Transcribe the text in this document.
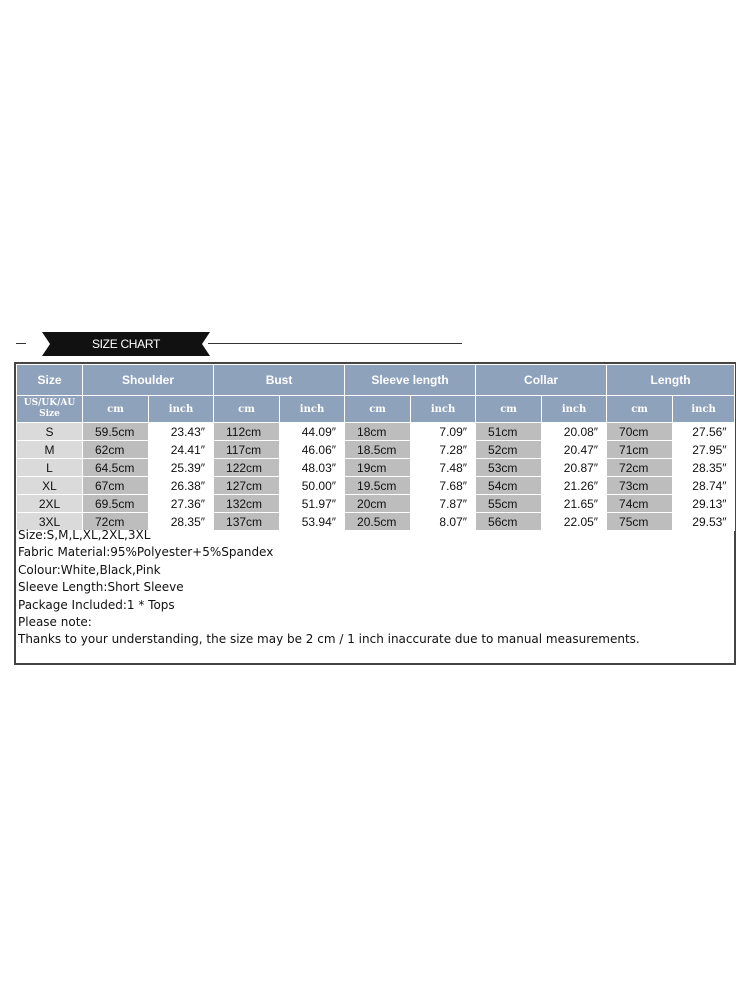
SIZE CHART
Size	Shoulder		Bust		Sleeve length		Collar		Length	
US/UK/AU Size	cm	inch	cm	inch	cm	inch	cm	inch	cm	inch
S	59.5cm	23.43″	112cm	44.09″	18cm	7.09″	51cm	20.08″	70cm	27.56″
M	62cm	24.41″	117cm	46.06″	18.5cm	7.28″	52cm	20.47″	71cm	27.95″
L	64.5cm	25.39″	122cm	48.03″	19cm	7.48″	53cm	20.87″	72cm	28.35″
XL	67cm	26.38″	127cm	50.00″	19.5cm	7.68″	54cm	21.26″	73cm	28.74″
2XL	69.5cm	27.36″	132cm	51.97″	20cm	7.87″	55cm	21.65″	74cm	29.13″
3XL	72cm	28.35″	137cm	53.94″	20.5cm	8.07″	56cm	22.05″	75cm	29.53″
Size:S,M,L,XL,2XL,3XL
Fabric Material:95%Polyester+5%Spandex
Colour:White,Black,Pink
Sleeve Length:Short Sleeve
Package Included:1 * Tops
Please note:
Thanks to your understanding, the size may be 2 cm / 1 inch inaccurate due to manual measurements.
